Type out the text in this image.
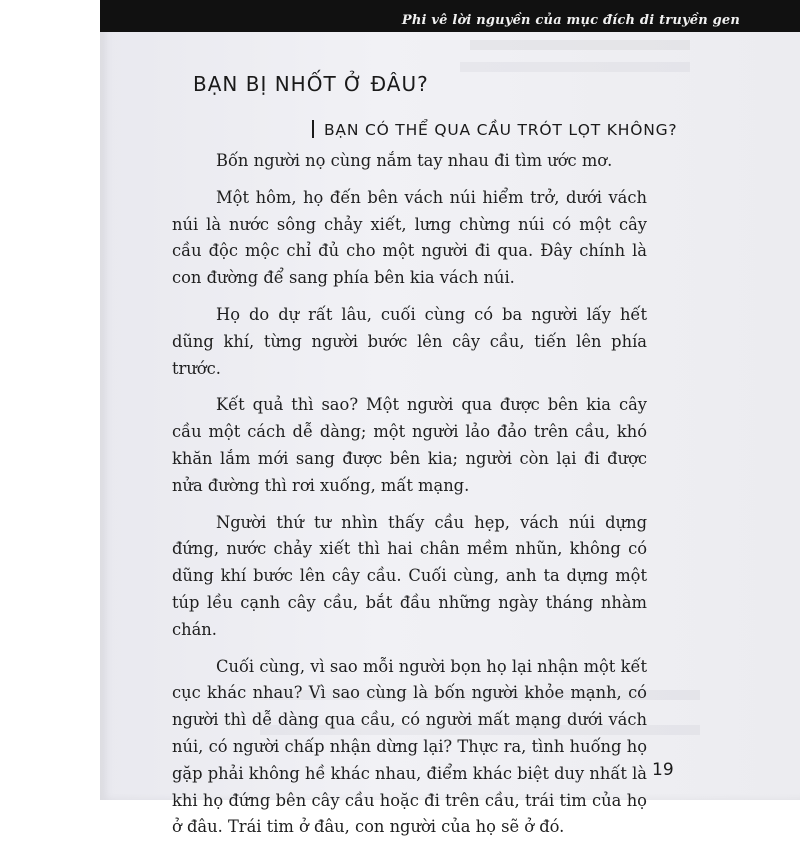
Phi vê lời nguyền của mục đích di truyền gen
BẠN BỊ NHỐT Ở ĐÂU?
BẠN CÓ THỂ QUA CẦU TRÓT LỌT KHÔNG?

Bốn người nọ cùng nắm tay nhau đi tìm ước mơ.

Một hôm, họ đến bên vách núi hiểm trở, dưới vách núi là nước sông chảy xiết, lưng chừng núi có một cây cầu độc mộc chỉ đủ cho một người đi qua. Đây chính là con đường để sang phía bên kia vách núi.

Họ do dự rất lâu, cuối cùng có ba người lấy hết dũng khí, từng người bước lên cây cầu, tiến lên phía trước.

Kết quả thì sao? Một người qua được bên kia cây cầu một cách dễ dàng; một người lảo đảo trên cầu, khó khăn lắm mới sang được bên kia; người còn lại đi được nửa đường thì rơi xuống, mất mạng.

Người thứ tư nhìn thấy cầu hẹp, vách núi dựng đứng, nước chảy xiết thì hai chân mềm nhũn, không có dũng khí bước lên cây cầu. Cuối cùng, anh ta dựng một túp lều cạnh cây cầu, bắt đầu những ngày tháng nhàm chán.

Cuối cùng, vì sao mỗi người bọn họ lại nhận một kết cục khác nhau? Vì sao cùng là bốn người khỏe mạnh, có người thì dễ dàng qua cầu, có người mất mạng dưới vách núi, có người chấp nhận dừng lại? Thực ra, tình huống họ gặp phải không hề khác nhau, điểm khác biệt duy nhất là khi họ đứng bên cây cầu hoặc đi trên cầu, trái tim của họ ở đâu. Trái tim ở đâu, con người của họ sẽ ở đó.

19
